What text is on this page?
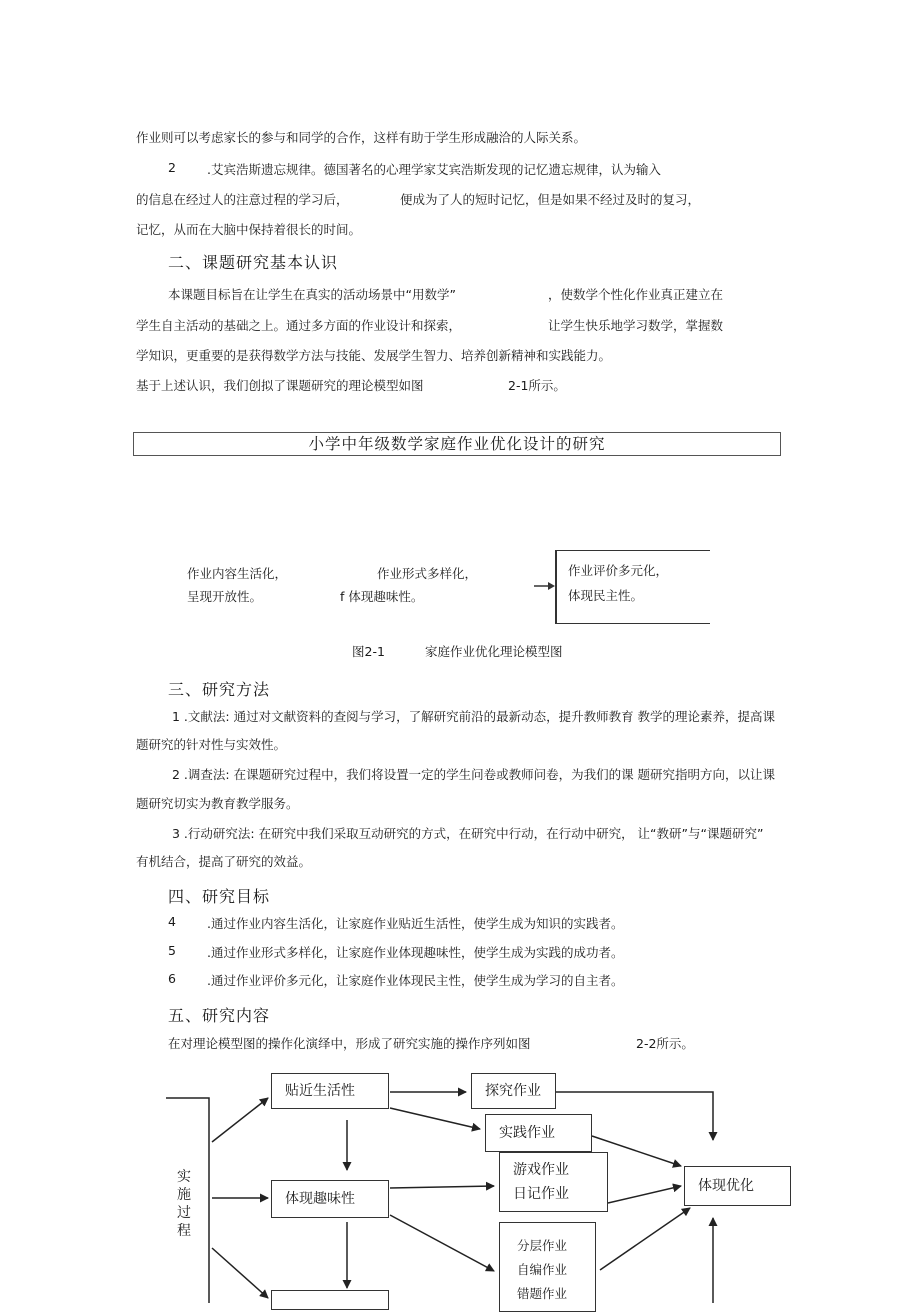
作业则可以考虑家长的参与和同学的合作，这样有助于学生形成融洽的人际关系。
2 .艾宾浩斯遗忘规律。德国著名的心理学家艾宾浩斯发现的记忆遗忘规律，认为输入
的信息在经过人的注意过程的学习后，	便成为了人的短时记忆，但是如果不经过及时的复习，
记忆，从而在大脑中保持着很长的时间。
二、课题研究基本认识
本课题目标旨在让学生在真实的活动场景中“用数学”	，使数学个性化作业真正建立在
学生自主活动的基础之上。通过多方面的作业设计和探索，	让学生快乐地学习数学，掌握数
学知识，更重要的是获得数学方法与技能、发展学生智力、培养创新精神和实践能力。
基于上述认识，我们创拟了课题研究的理论模型如图	2-1所示。
小学中年级数学家庭作业优化设计的研究
作业内容生活化，
呈现开放性。
作业形式多样化，
f 体现趣味性。
作业评价多元化，
体现民主性。
图2-1	家庭作业优化理论模型图
三、研究方法
1 .文献法: 通过对文献资料的查阅与学习，了解研究前沿的最新动态，提升教师教育 教学的理论素养，提高课
题研究的针对性与实效性。
2 .调查法: 在课题研究过程中，我们将设置一定的学生问卷或教师问卷，为我们的课 题研究指明方向，以让课
题研究切实为教育教学服务。
3 .行动研究法: 在研究中我们采取互动研究的方式，在研究中行动，在行动中研究， 让“教研”与“课题研究”
有机结合，提高了研究的效益。
四、研究目标
4 .通过作业内容生活化，让家庭作业贴近生活性，使学生成为知识的实践者。
5 .通过作业形式多样化，让家庭作业体现趣味性，使学生成为实践的成功者。
6 .通过作业评价多元化，让家庭作业体现民主性，使学生成为学习的自主者。
五、研究内容
在对理论模型图的操作化演绎中，形成了研究实施的操作序列如图	2-2所示。
实
施
过
程
贴近生活性
体现趣味性
探究作业
实践作业
游戏作业
日记作业
分层作业
自编作业
错题作业
体现优化
